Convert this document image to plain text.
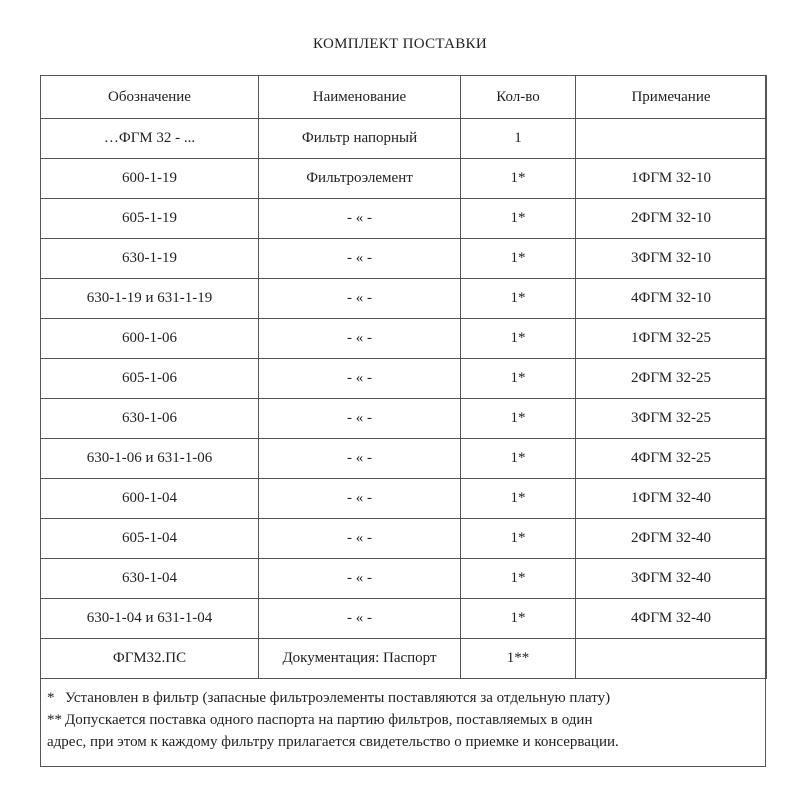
КОМПЛЕКТ ПОСТАВКИ
Обозначение	Наименование	Кол-во	Примечание
…ФГМ 32 - ...	Фильтр напорный	1	
600-1-19	Фильтроэлемент	1*	1ФГМ 32-10
605-1-19	- « -	1*	2ФГМ 32-10
630-1-19	- « -	1*	3ФГМ 32-10
630-1-19 и 631-1-19	- « -	1*	4ФГМ 32-10
600-1-06	- « -	1*	1ФГМ 32-25
605-1-06	- « -	1*	2ФГМ 32-25
630-1-06	- « -	1*	3ФГМ 32-25
630-1-06 и 631-1-06	- « -	1*	4ФГМ 32-25
600-1-04	- « -	1*	1ФГМ 32-40
605-1-04	- « -	1*	2ФГМ 32-40
630-1-04	- « -	1*	3ФГМ 32-40
630-1-04 и 631-1-04	- « -	1*	4ФГМ 32-40
ФГМ32.ПС	Документация: Паспорт	1**	
* Установлен в фильтр (запасные фильтроэлементы поставляются за отдельную плату)
** Допускается поставка одного паспорта на партию фильтров, поставляемых в один
адрес, при этом к каждому фильтру прилагается свидетельство о приемке и консервации.
